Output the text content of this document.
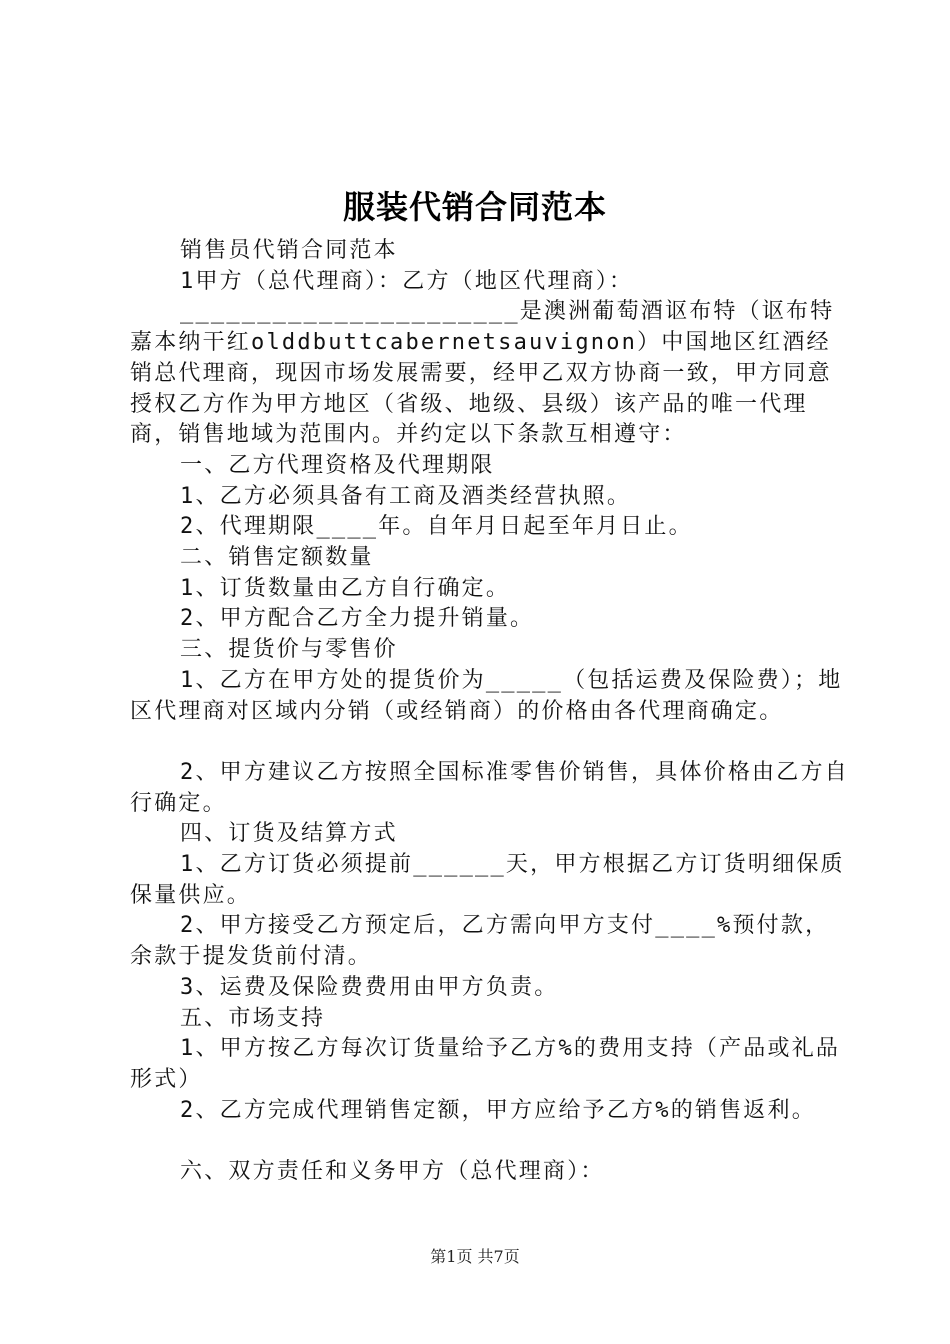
服装代销合同范本

销售员代销合同范本

1甲方（总代理商）：乙方（地区代理商）：

______________________是澳洲葡萄酒讴布特（讴布特嘉本纳干红olddbuttcabernetsauvignon）中国地区红酒经销总代理商，现因市场发展需要，经甲乙双方协商一致，甲方同意授权乙方作为甲方地区（省级、地级、县级）该产品的唯一代理商，销售地域为范围内。并约定以下条款互相遵守：

一、乙方代理资格及代理期限

1、乙方必须具备有工商及酒类经营执照。

2、代理期限____年。自年月日起至年月日止。

二、销售定额数量

1、订货数量由乙方自行确定。

2、甲方配合乙方全力提升销量。

三、提货价与零售价

1、乙方在甲方处的提货价为_____（包括运费及保险费）；地区代理商对区域内分销（或经销商）的价格由各代理商确定。

2、甲方建议乙方按照全国标准零售价销售，具体价格由乙方自行确定。

四、订货及结算方式

1、乙方订货必须提前______天，甲方根据乙方订货明细保质保量供应。

2、甲方接受乙方预定后，乙方需向甲方支付____%预付款，余款于提发货前付清。

3、运费及保险费费用由甲方负责。

五、市场支持

1、甲方按乙方每次订货量给予乙方%的费用支持（产品或礼品形式）

2、乙方完成代理销售定额，甲方应给予乙方%的销售返利。

六、双方责任和义务甲方（总代理商）：

第1页 共7页
